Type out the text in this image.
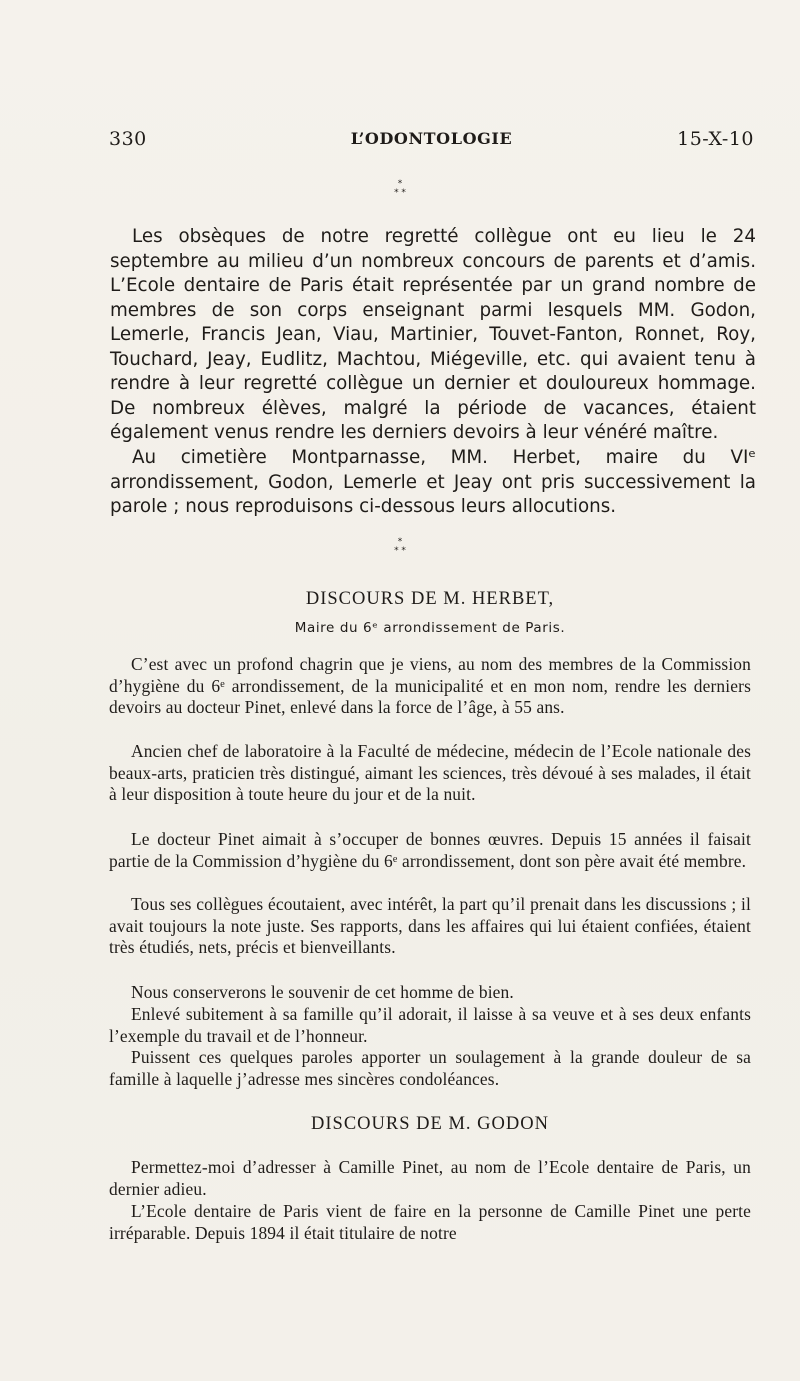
330	L’ODONTOLOGIE	15-X-10
*
* *

Les obsèques de notre regretté collègue ont eu lieu le 24 septembre au milieu d’un nombreux concours de parents et d’amis. L’Ecole dentaire de Paris était représentée par un grand nombre de membres de son corps enseignant parmi lesquels MM. Godon, Lemerle, Francis Jean, Viau, Martinier, Touvet-Fanton, Ronnet, Roy, Touchard, Jeay, Eudlitz, Machtou, Miégeville, etc. qui avaient tenu à rendre à leur regretté collègue un dernier et douloureux hommage. De nombreux élèves, malgré la période de vacances, étaient également venus rendre les derniers devoirs à leur vénéré maître.

Au cimetière Montparnasse, MM. Herbet, maire du VIᵉ arrondissement, Godon, Lemerle et Jeay ont pris successivement la parole ; nous reproduisons ci-dessous leurs allocutions.

*
* *
DISCOURS DE M. HERBET,
Maire du 6ᵉ arrondissement de Paris.

C’est avec un profond chagrin que je viens, au nom des membres de la Commission d’hygiène du 6ᵉ arrondissement, de la municipalité et en mon nom, rendre les derniers devoirs au docteur Pinet, enlevé dans la force de l’âge, à 55 ans.

Ancien chef de laboratoire à la Faculté de médecine, médecin de l’Ecole nationale des beaux-arts, praticien très distingué, aimant les sciences, très dévoué à ses malades, il était à leur disposition à toute heure du jour et de la nuit.

Le docteur Pinet aimait à s’occuper de bonnes œuvres. Depuis 15 années il faisait partie de la Commission d’hygiène du 6ᵉ arrondissement, dont son père avait été membre.

Tous ses collègues écoutaient, avec intérêt, la part qu’il prenait dans les discussions ; il avait toujours la note juste. Ses rapports, dans les affaires qui lui étaient confiées, étaient très étudiés, nets, précis et bienveillants.

Nous conserverons le souvenir de cet homme de bien.

Enlevé subitement à sa famille qu’il adorait, il laisse à sa veuve et à ses deux enfants l’exemple du travail et de l’honneur.

Puissent ces quelques paroles apporter un soulagement à la grande douleur de sa famille à laquelle j’adresse mes sincères condoléances.

DISCOURS DE M. GODON

Permettez-moi d’adresser à Camille Pinet, au nom de l’Ecole dentaire de Paris, un dernier adieu.

L’Ecole dentaire de Paris vient de faire en la personne de Camille Pinet une perte irréparable. Depuis 1894 il était titulaire de notre
